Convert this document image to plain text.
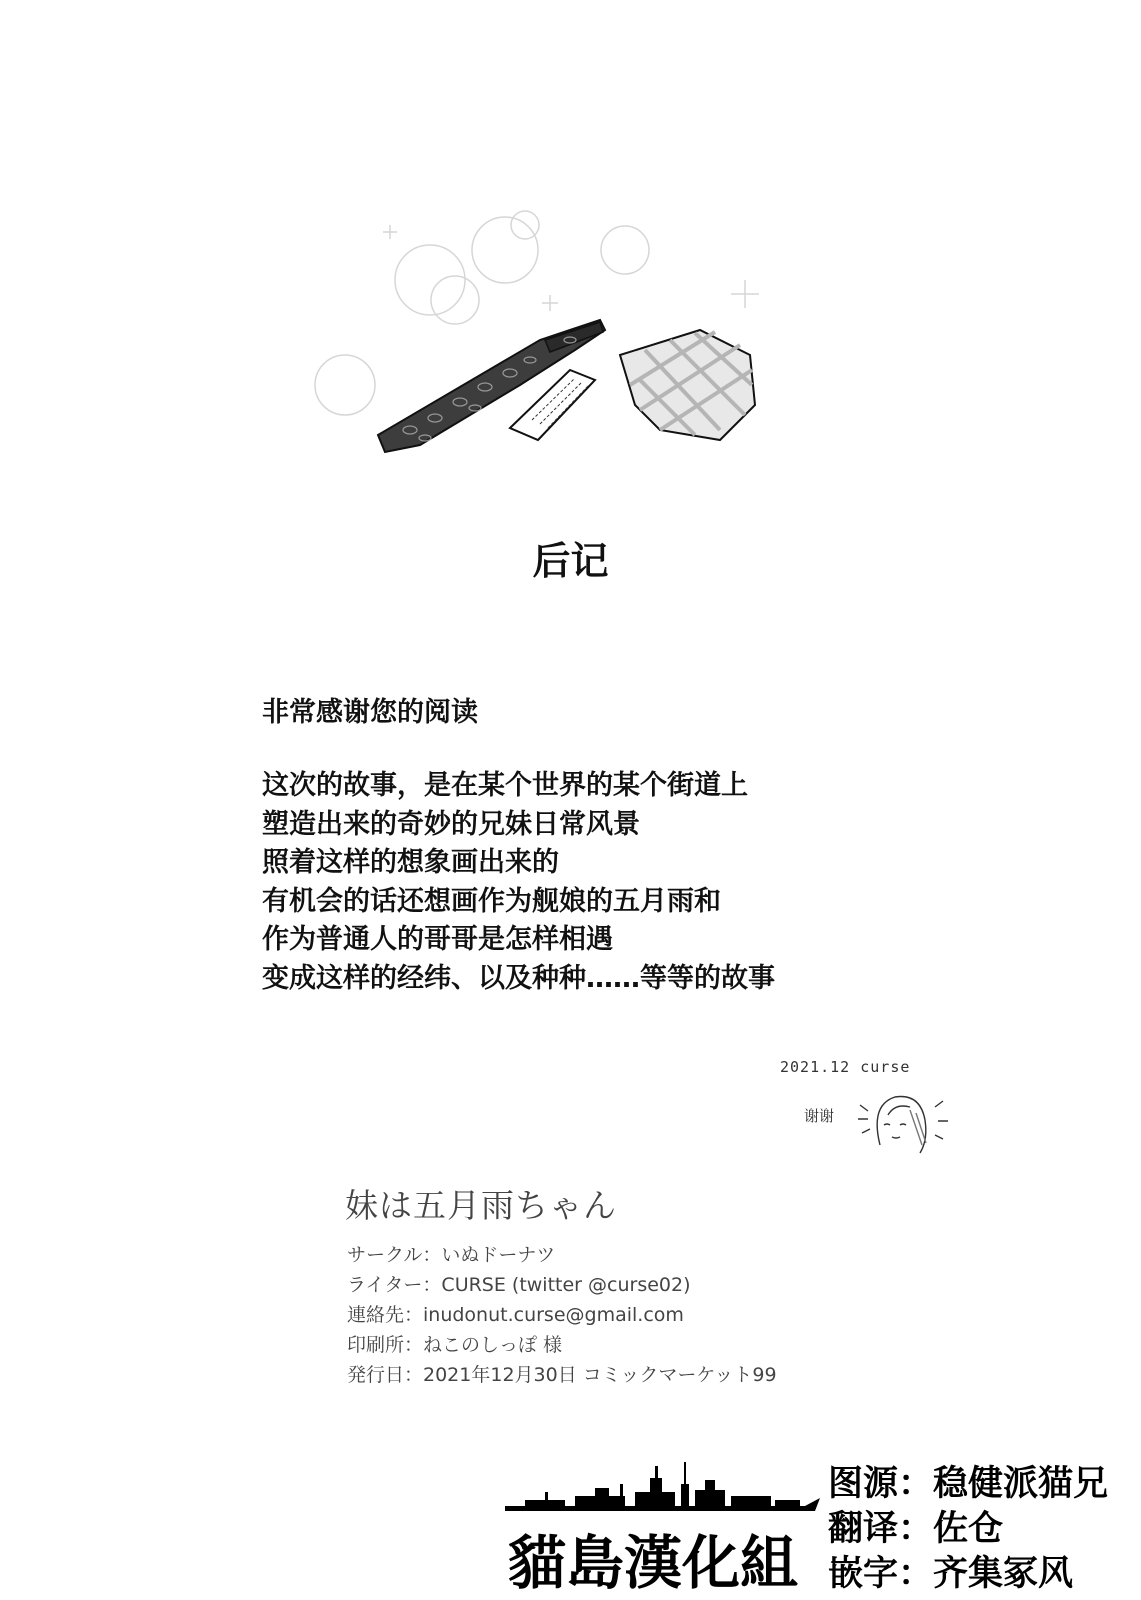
后记
非常感谢您的阅读
这次的故事，是在某个世界的某个街道上
塑造出来的奇妙的兄妹日常风景
照着这样的想象画出来的
有机会的话还想画作为舰娘的五月雨和
作为普通人的哥哥是怎样相遇
变成这样的经纬、以及种种……等等的故事
2021.12 curse
谢谢
妹は五月雨ちゃん
サークル：いぬドーナツ
ライター：CURSE (twitter @curse02)
連絡先：inudonut.curse@gmail.com
印刷所：ねこのしっぽ 様
発行日：2021年12月30日 コミックマーケット99
貓島漢化組
图源：稳健派猫兄
翻译：佐仓
嵌字：齐集冢风
